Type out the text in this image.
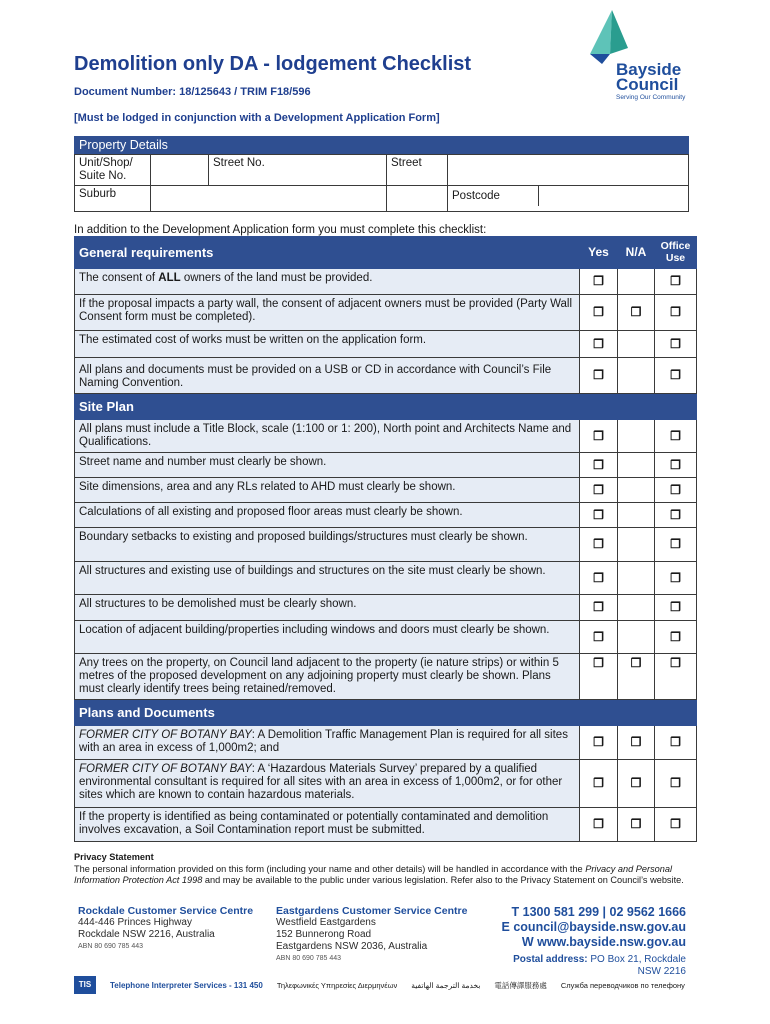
Bayside
Council
Serving Our Community
Demolition only DA - lodgement Checklist
Document Number: 18/125643 / TRIM F18/596
[Must be lodged in conjunction with a Development Application Form]
Property Details
Unit/Shop/ Suite No.		Street No.	Street	
Suburb				Postcode	
In addition to the Development Application form you must complete this checklist:
General requirements	Yes	N/A	Office Use
The consent of ALL owners of the land must be provided.	❒		❒
If the proposal impacts a party wall, the consent of adjacent owners must be provided (Party Wall Consent form must be completed).	❒	❒	❒
The estimated cost of works must be written on the application form.	❒		❒
All plans and documents must be provided on a USB or CD in accordance with Council’s File Naming Convention.	❒		❒
Site Plan			
All plans must include a Title Block, scale (1:100 or 1: 200), North point and Architects Name and Qualifications.	❒		❒
Street name and number must clearly be shown.	❒		❒
Site dimensions, area and any RLs related to AHD must clearly be shown.	❒		❒
Calculations of all existing and proposed floor areas must clearly be shown.	❒		❒
Boundary setbacks to existing and proposed buildings/structures must clearly be shown.	❒		❒
All structures and existing use of buildings and structures on the site must clearly be shown.	❒		❒
All structures to be demolished must be clearly shown.	❒		❒
Location of adjacent building/properties including windows and doors must clearly be shown.	❒		❒
Any trees on the property, on Council land adjacent to the property (ie nature strips) or within 5 metres of the proposed development on any adjoining property must clearly be shown. Plans must clearly identify trees being retained/removed.	❒	❒	❒
Plans and Documents			
FORMER CITY OF BOTANY BAY: A Demolition Traffic Management Plan is required for all sites with an area in excess of 1,000m2; and	❒	❒	❒
FORMER CITY OF BOTANY BAY: A ‘Hazardous Materials Survey’ prepared by a qualified environmental consultant is required for all sites with an area in excess of 1,000m2, or for other sites which are known to contain hazardous materials.	❒	❒	❒
If the property is identified as being contaminated or potentially contaminated and demolition involves excavation, a Soil Contamination report must be submitted.	❒	❒	❒
Privacy Statement
The personal information provided on this form (including your name and other details) will be handled in accordance with the Privacy and Personal Information Protection Act 1998 and may be available to the public under various legislation. Refer also to the Privacy Statement on Council’s website.
Rockdale Customer Service Centre
444-446 Princes Highway
Rockdale NSW 2216, Australia
ABN 80 690 785 443
Eastgardens Customer Service Centre
Westfield Eastgardens
152 Bunnerong Road
Eastgardens NSW 2036, Australia
ABN 80 690 785 443
T 1300 581 299 | 02 9562 1666
E council@bayside.nsw.gov.au
W www.bayside.nsw.gov.au
Postal address: PO Box 21, Rockdale NSW 2216
TIS	Telephone Interpreter Services - 131 450 Τηλεφωνικές Υπηρεσίες Διερμηνέων بخدمة الترجمة الهاتفية 電話傳譯服務處 Служба переводчиков по телефону
